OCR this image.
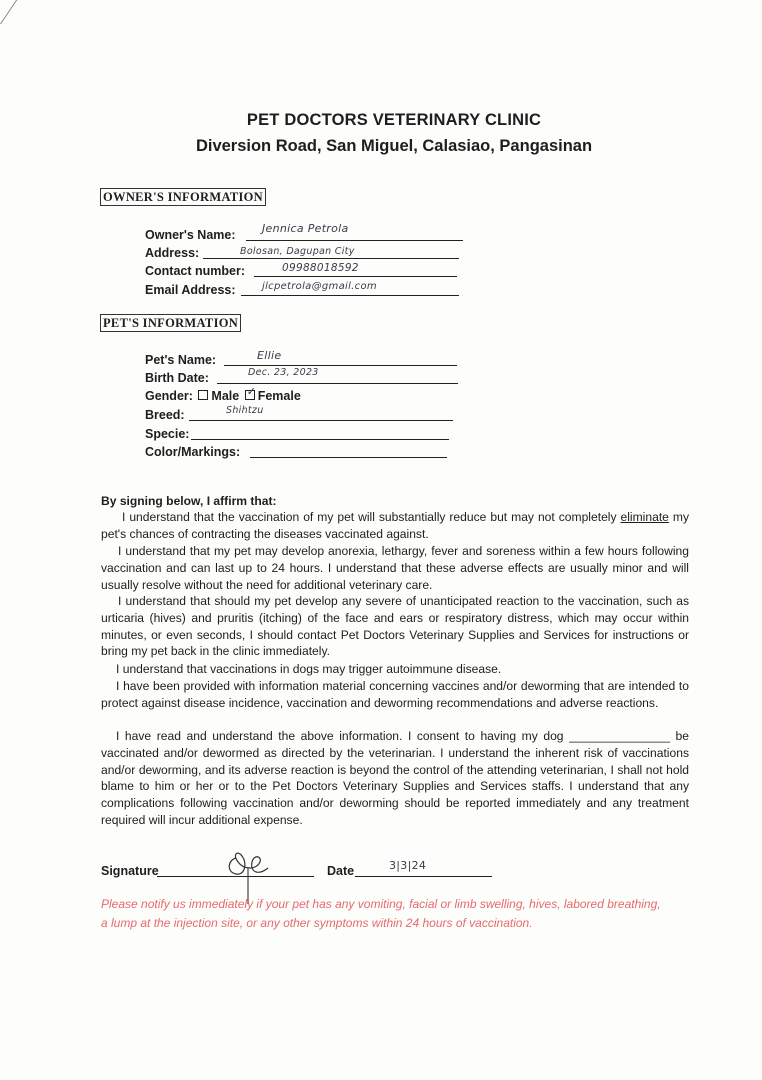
PET DOCTORS VETERINARY CLINIC
Diversion Road, San Miguel, Calasiao, Pangasinan
OWNER'S INFORMATION
Owner's Name: Jennica Petrola
Address:	Bolosan, Dagupan City
Contact number:	09988018592
Email Address:	jlcpetrola@gmail.com
PET'S INFORMATION
Pet's Name:	Ellie
Birth Date:	Dec. 23, 2023
Gender: Male ✓ Female
Breed:	Shihtzu
Specie:
Color/Markings:
By signing below, I affirm that:

I understand that the vaccination of my pet will substantially reduce but may not completely eliminate my pet's chances of contracting the diseases vaccinated against.

I understand that my pet may develop anorexia, lethargy, fever and soreness within a few hours following vaccination and can last up to 24 hours. I understand that these adverse effects are usually minor and will usually resolve without the need for additional veterinary care.

I understand that should my pet develop any severe of unanticipated reaction to the vaccination, such as urticaria (hives) and pruritis (itching) of the face and ears or respiratory distress, which may occur within minutes, or even seconds, I should contact Pet Doctors Veterinary Supplies and Services for instructions or bring my pet back in the clinic immediately.

I understand that vaccinations in dogs may trigger autoimmune disease.

I have been provided with information material concerning vaccines and/or deworming that are intended to protect against disease incidence, vaccination and deworming recommendations and adverse reactions.

I have read and understand the above information. I consent to having my dog _______________ be vaccinated and/or dewormed as directed by the veterinarian. I understand the inherent risk of vaccinations and/or deworming, and its adverse reaction is beyond the control of the attending veterinarian, I shall not hold blame to him or her or to the Pet Doctors Veterinary Supplies and Services staffs. I understand that any complications following vaccination and/or deworming should be reported immediately and any treatment required will incur additional expense.

Signature	Date	3|3|24
Please notify us immediately if your pet has any vomiting, facial or limb swelling, hives, labored breathing, a lump at the injection site, or any other symptoms within 24 hours of vaccination.
